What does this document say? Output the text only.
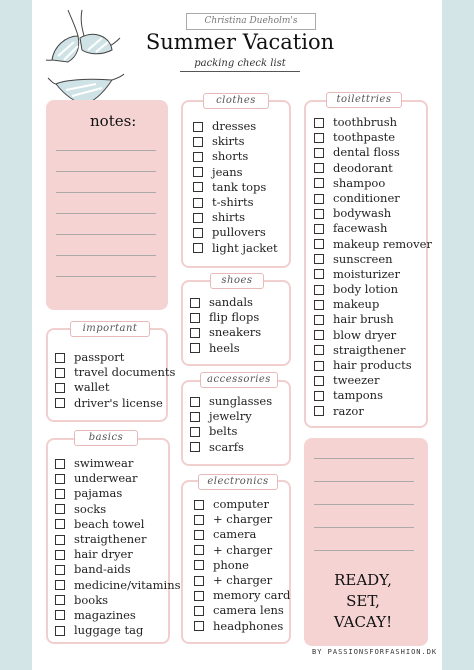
Christina Dueholm's
Summer Vacation
packing check list
notes:
important
passport
travel documents
wallet
driver's license
basics
swimwear
underwear
pajamas
socks
beach towel
straigthener
hair dryer
band-aids
medicine/vitamins
books
magazines
luggage tag
clothes
dresses
skirts
shorts
jeans
tank tops
t-shirts
shirts
pullovers
light jacket
shoes
sandals
flip flops
sneakers
heels
accessories
sunglasses
jewelry
belts
scarfs
electronics
computer
+ charger
camera
+ charger
phone
+ charger
memory card
camera lens
headphones
toilettries
toothbrush
toothpaste
dental floss
deodorant
shampoo
conditioner
bodywash
facewash
makeup remover
sunscreen
moisturizer
body lotion
makeup
hair brush
blow dryer
straigthener
hair products
tweezer
tampons
razor
READY,
SET,
VACAY!
BY PASSIONSFORFASHION.DK
